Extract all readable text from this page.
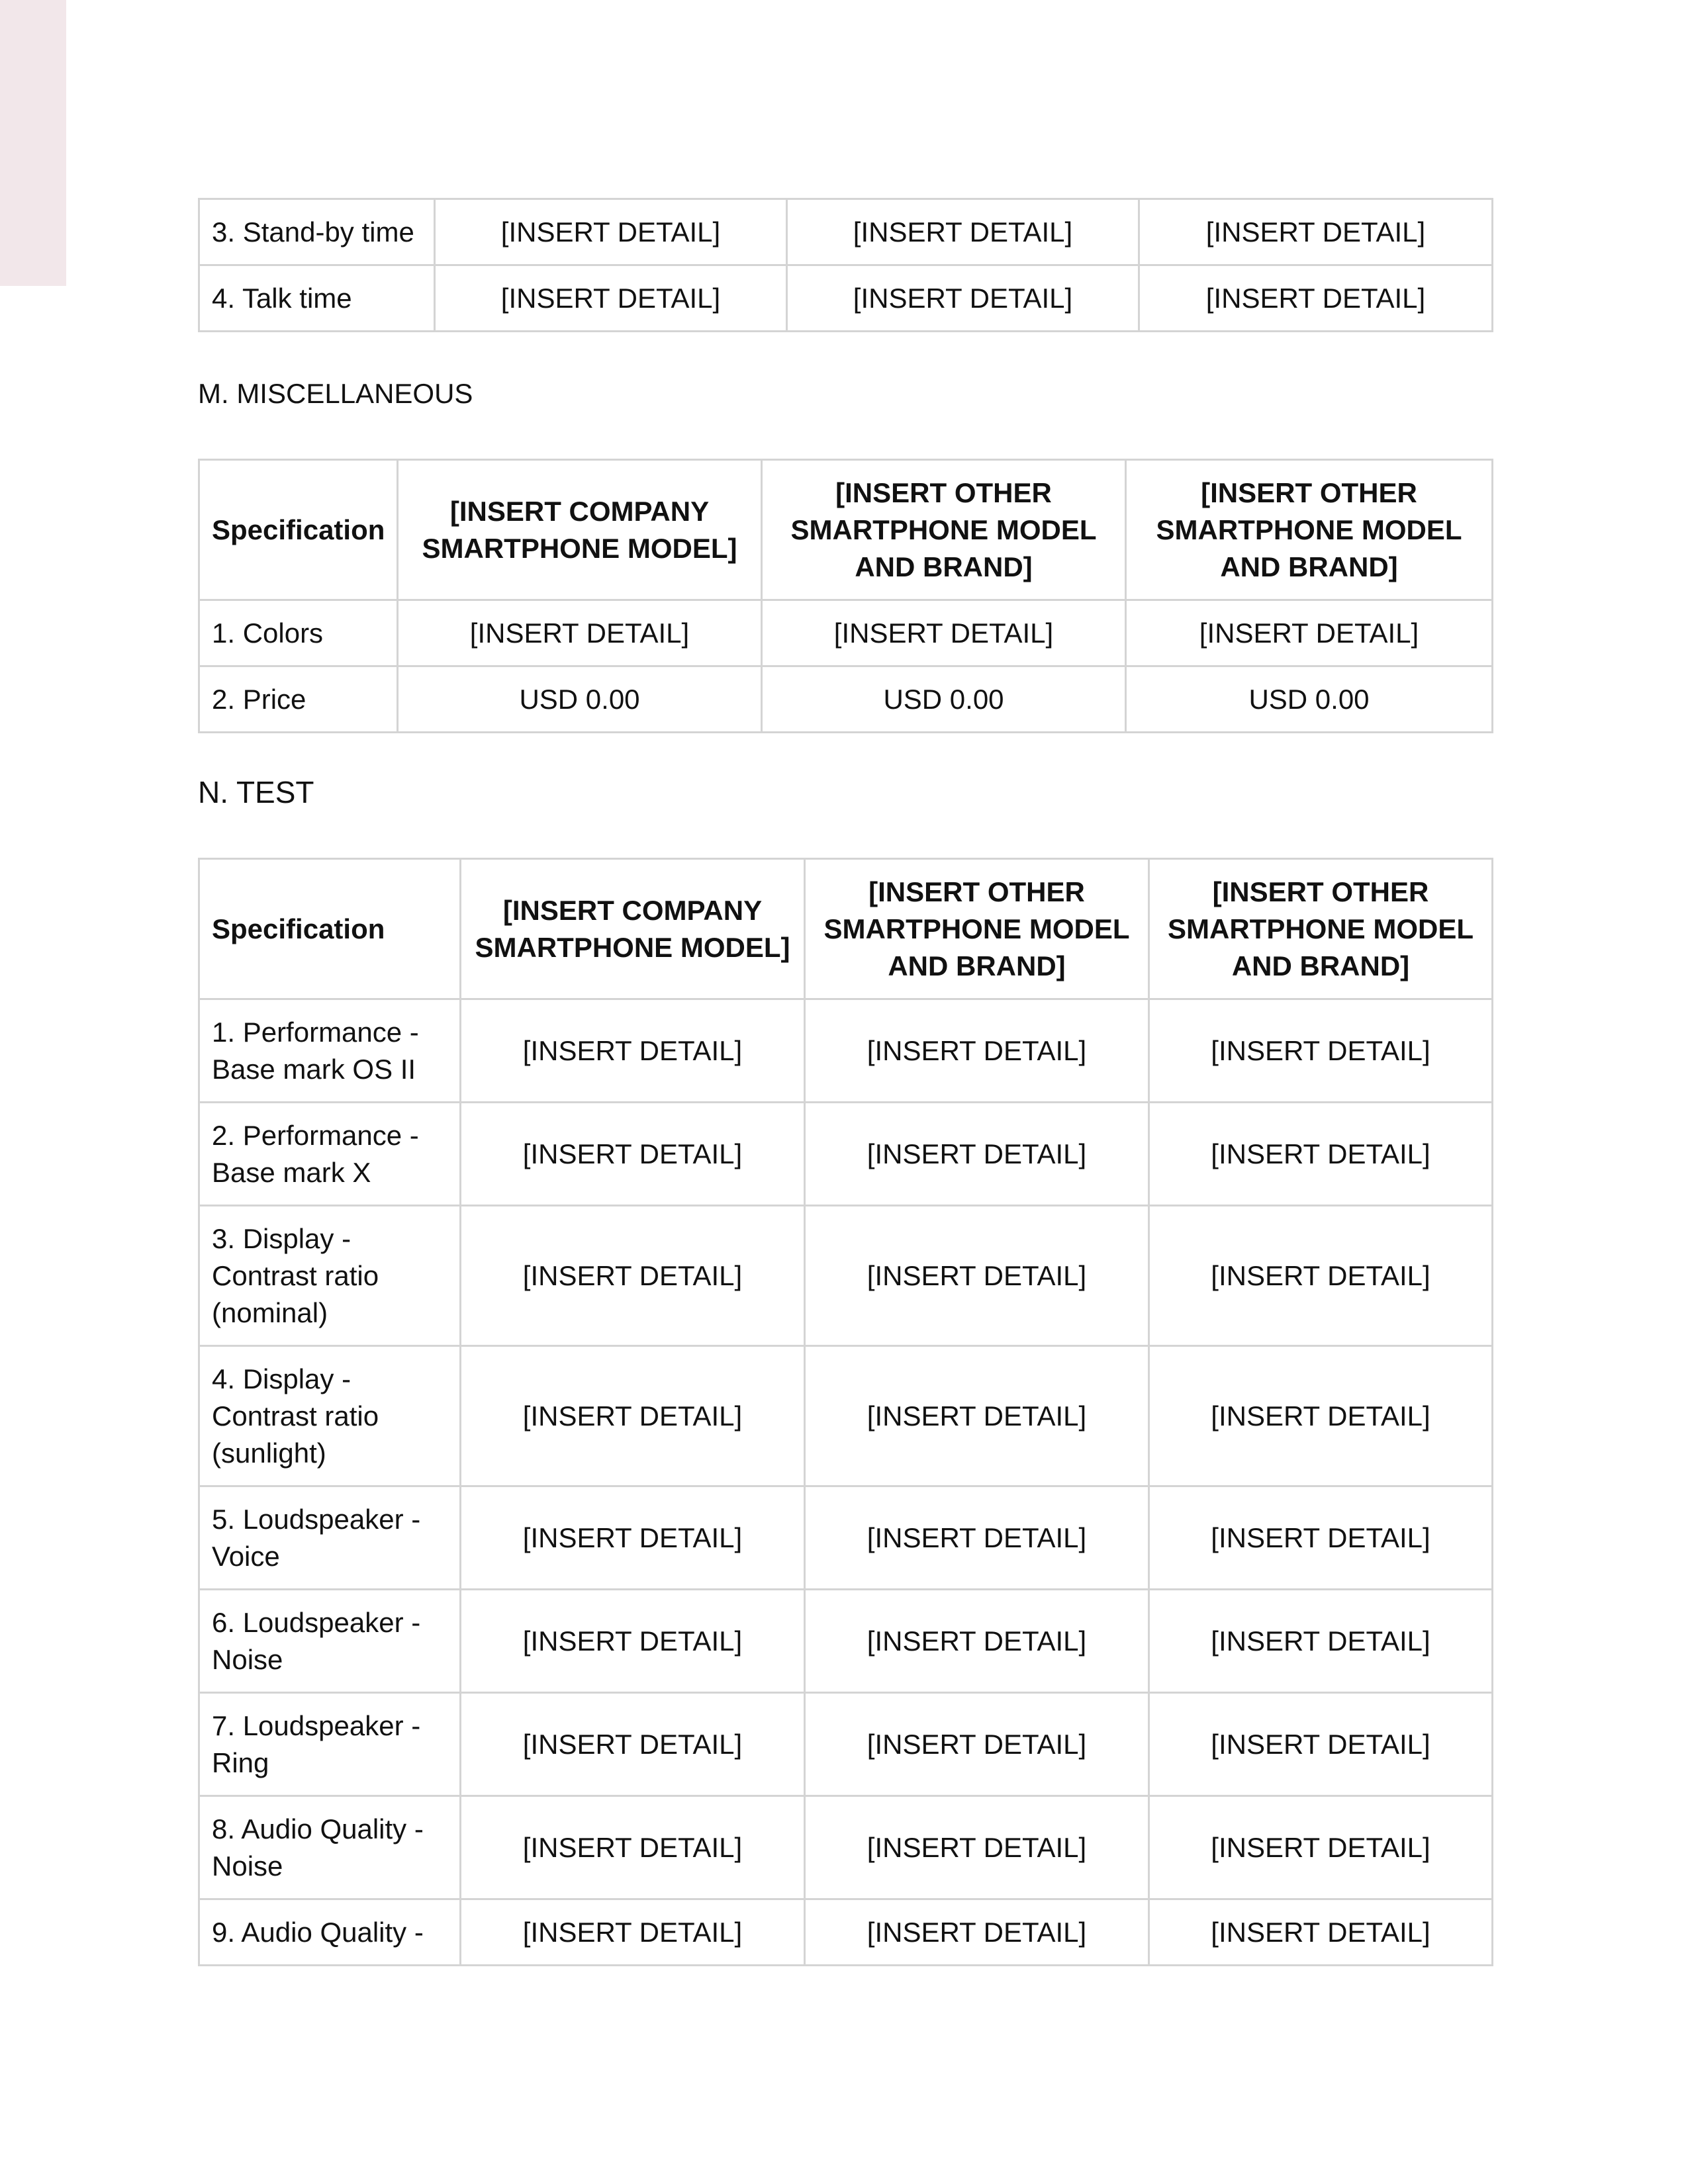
3. Stand-by time	[INSERT DETAIL]	[INSERT DETAIL]	[INSERT DETAIL]
4. Talk time	[INSERT DETAIL]	[INSERT DETAIL]	[INSERT DETAIL]
M. MISCELLANEOUS
Specification	[INSERT COMPANY SMARTPHONE MODEL]	[INSERT OTHER SMARTPHONE MODEL AND BRAND]	[INSERT OTHER SMARTPHONE MODEL AND BRAND]
1. Colors	[INSERT DETAIL]	[INSERT DETAIL]	[INSERT DETAIL]
2. Price	USD 0.00	USD 0.00	USD 0.00
N. TEST
Specification	[INSERT COMPANY SMARTPHONE MODEL]	[INSERT OTHER SMARTPHONE MODEL AND BRAND]	[INSERT OTHER SMARTPHONE MODEL AND BRAND]
1. Performance - Base mark OS II	[INSERT DETAIL]	[INSERT DETAIL]	[INSERT DETAIL]
2. Performance - Base mark X	[INSERT DETAIL]	[INSERT DETAIL]	[INSERT DETAIL]
3. Display - Contrast ratio (nominal)	[INSERT DETAIL]	[INSERT DETAIL]	[INSERT DETAIL]
4. Display - Contrast ratio (sunlight)	[INSERT DETAIL]	[INSERT DETAIL]	[INSERT DETAIL]
5. Loudspeaker - Voice	[INSERT DETAIL]	[INSERT DETAIL]	[INSERT DETAIL]
6. Loudspeaker - Noise	[INSERT DETAIL]	[INSERT DETAIL]	[INSERT DETAIL]
7. Loudspeaker - Ring	[INSERT DETAIL]	[INSERT DETAIL]	[INSERT DETAIL]
8. Audio Quality - Noise	[INSERT DETAIL]	[INSERT DETAIL]	[INSERT DETAIL]
9. Audio Quality -	[INSERT DETAIL]	[INSERT DETAIL]	[INSERT DETAIL]
